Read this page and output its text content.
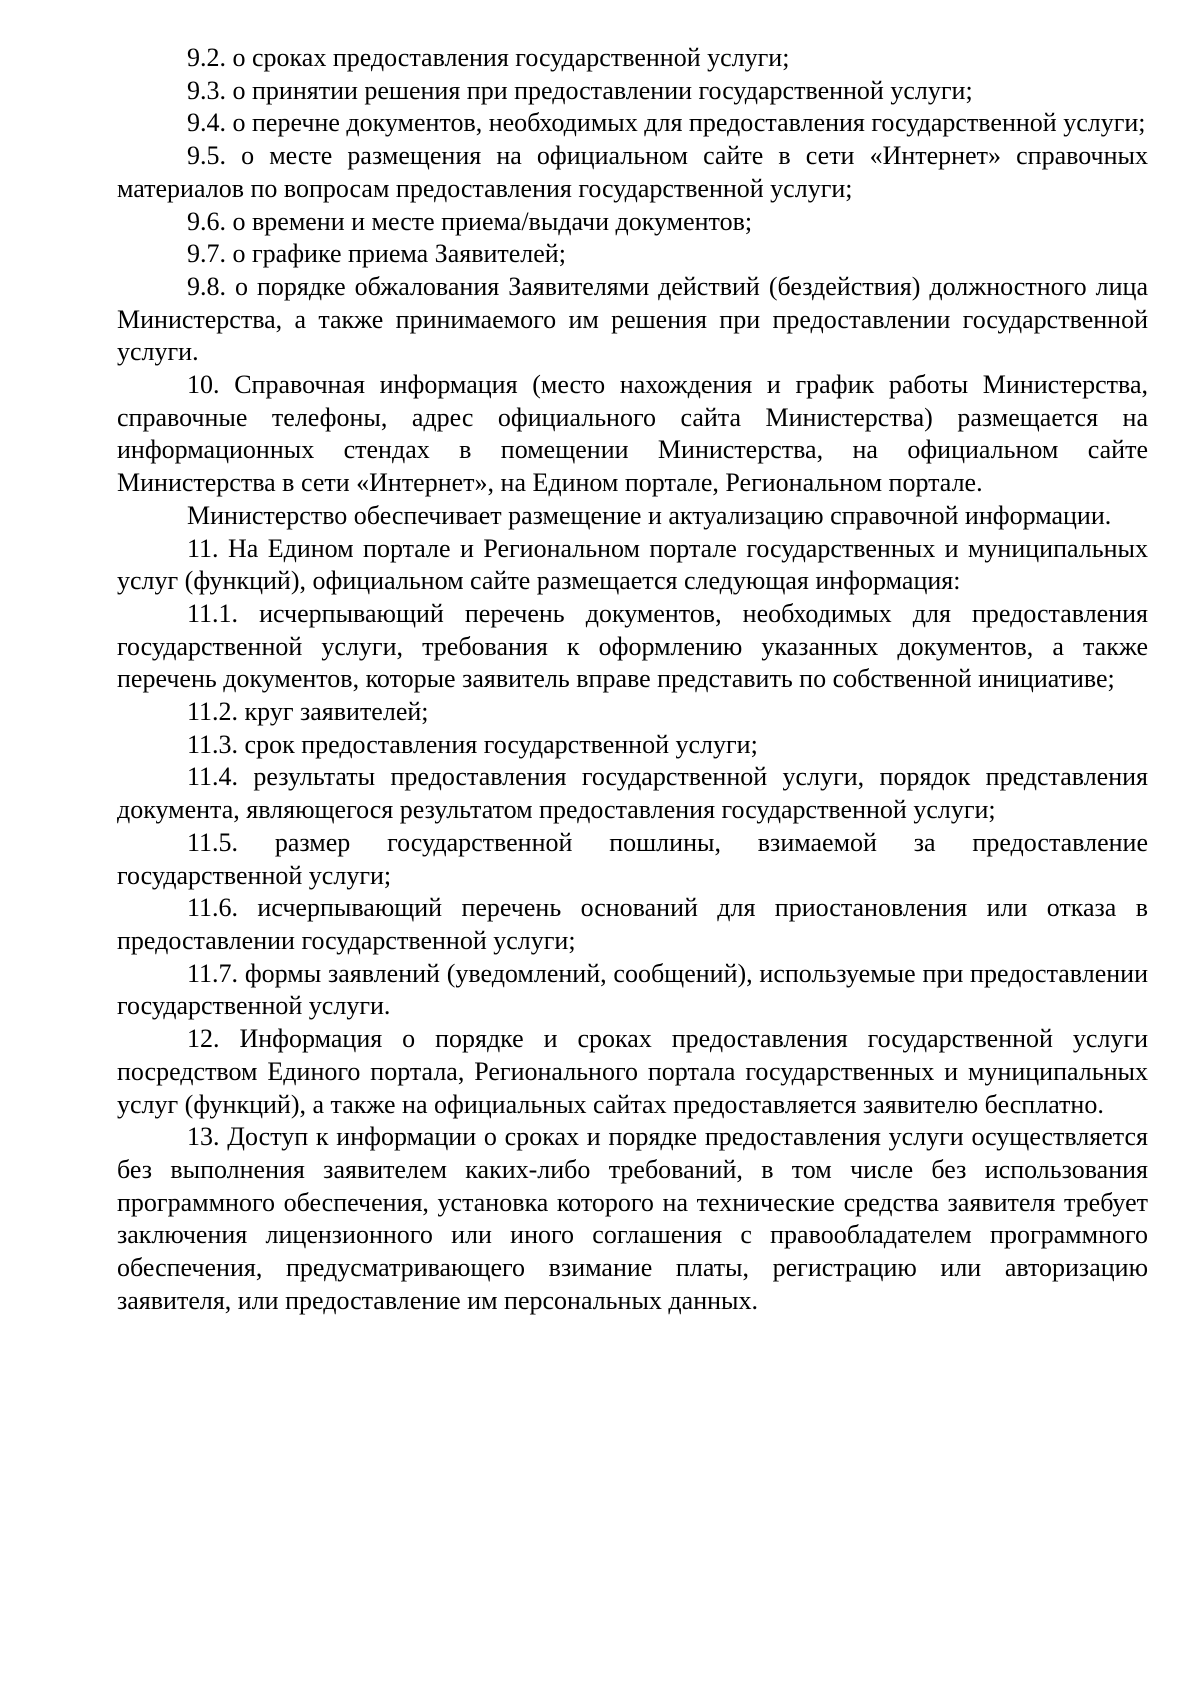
9.2. о сроках предоставления государственной услуги;

9.3. о принятии решения при предоставлении государственной услуги;

9.4. о перечне документов, необходимых для предоставления государственной услуги;

9.5. о месте размещения на официальном сайте в сети «Интернет» справочных материалов по вопросам предоставления государственной услуги;

9.6. о времени и месте приема/выдачи документов;

9.7. о графике приема Заявителей;

9.8. о порядке обжалования Заявителями действий (бездействия) должностного лица Министерства, а также принимаемого им решения при предоставлении государственной услуги.

10. Справочная информация (место нахождения и график работы Министерства, справочные телефоны, адрес официального сайта Министерства) размещается на информационных стендах в помещении Министерства, на официальном сайте Министерства в сети «Интернет», на Едином портале, Региональном портале.

Министерство обеспечивает размещение и актуализацию справочной информации.

11. На Едином портале и Региональном портале государственных и муниципальных услуг (функций), официальном сайте размещается следующая информация:

11.1. исчерпывающий перечень документов, необходимых для предоставления государственной услуги, требования к оформлению указанных документов, а также перечень документов, которые заявитель вправе представить по собственной инициативе;

11.2. круг заявителей;

11.3. срок предоставления государственной услуги;

11.4. результаты предоставления государственной услуги, порядок представления документа, являющегося результатом предоставления государственной услуги;

11.5. размер государственной пошлины, взимаемой за предоставление государственной услуги;

11.6. исчерпывающий перечень оснований для приостановления или отказа в предоставлении государственной услуги;

11.7. формы заявлений (уведомлений, сообщений), используемые при предоставлении государственной услуги.

12. Информация о порядке и сроках предоставления государственной услуги посредством Единого портала, Регионального портала государственных и муниципальных услуг (функций), а также на официальных сайтах предоставляется заявителю бесплатно.

13. Доступ к информации о сроках и порядке предоставления услуги осуществляется без выполнения заявителем каких-либо требований, в том числе без использования программного обеспечения, установка которого на технические средства заявителя требует заключения лицензионного или иного соглашения с правообладателем программного обеспечения, предусматривающего взимание платы, регистрацию или авторизацию заявителя, или предоставление им персональных данных.
